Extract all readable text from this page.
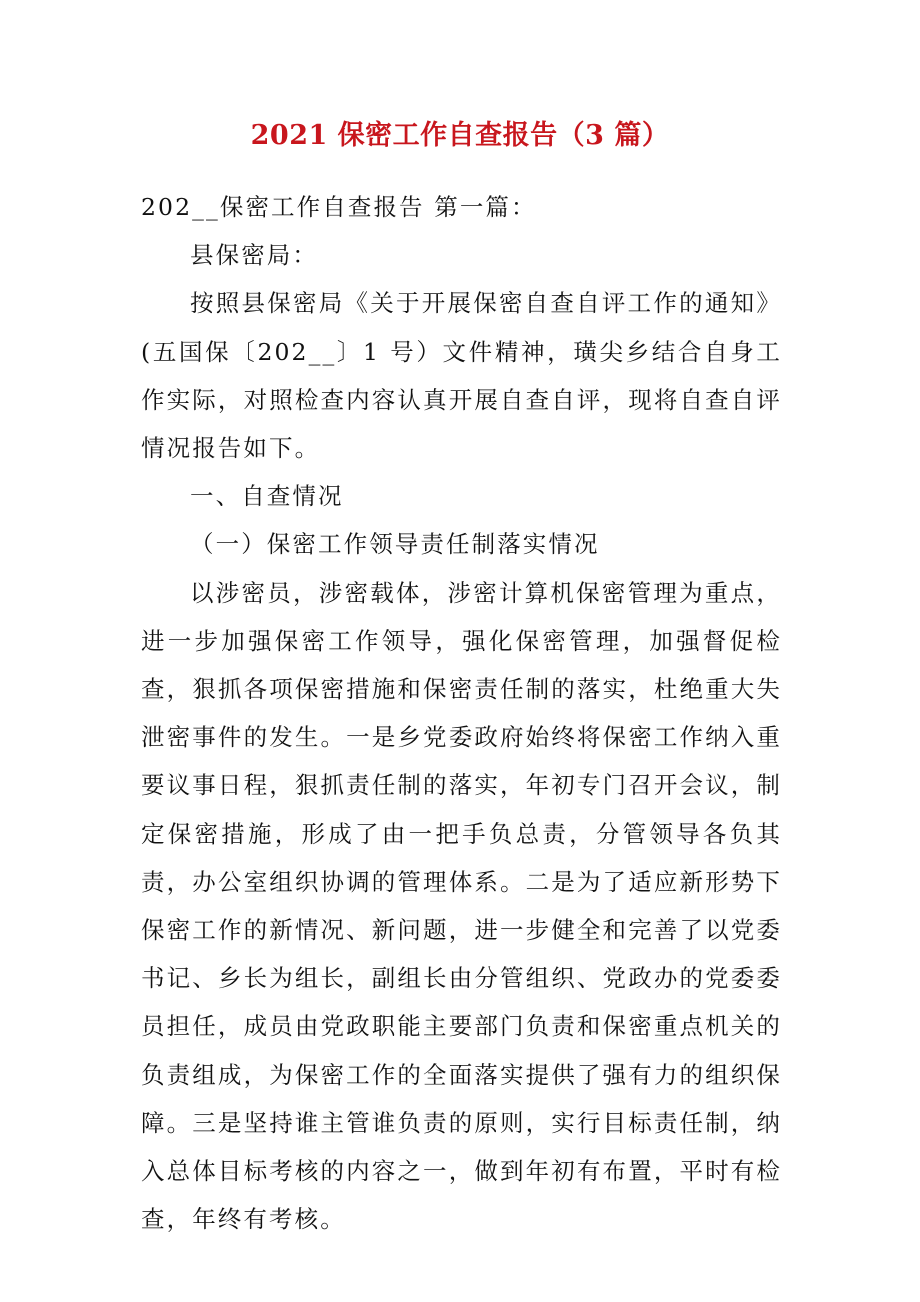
2021 保密工作自查报告（3 篇）

202__保密工作自查报告 第一篇：

县保密局：

按照县保密局《关于开展保密自查自评工作的通知》(五国保〔202__〕1 号）文件精神，璜尖乡结合自身工作实际，对照检查内容认真开展自查自评，现将自查自评情况报告如下。

一、自查情况

（一）保密工作领导责任制落实情况

以涉密员，涉密载体，涉密计算机保密管理为重点，进一步加强保密工作领导，强化保密管理，加强督促检查，狠抓各项保密措施和保密责任制的落实，杜绝重大失泄密事件的发生。一是乡党委政府始终将保密工作纳入重要议事日程，狠抓责任制的落实，年初专门召开会议，制定保密措施，形成了由一把手负总责，分管领导各负其责，办公室组织协调的管理体系。二是为了适应新形势下保密工作的新情况、新问题，进一步健全和完善了以党委书记、乡长为组长，副组长由分管组织、党政办的党委委员担任，成员由党政职能主要部门负责和保密重点机关的负责组成，为保密工作的全面落实提供了强有力的组织保障。三是坚持谁主管谁负责的原则，实行目标责任制，纳入总体目标考核的内容之一，做到年初有布置，平时有检查，年终有考核。
